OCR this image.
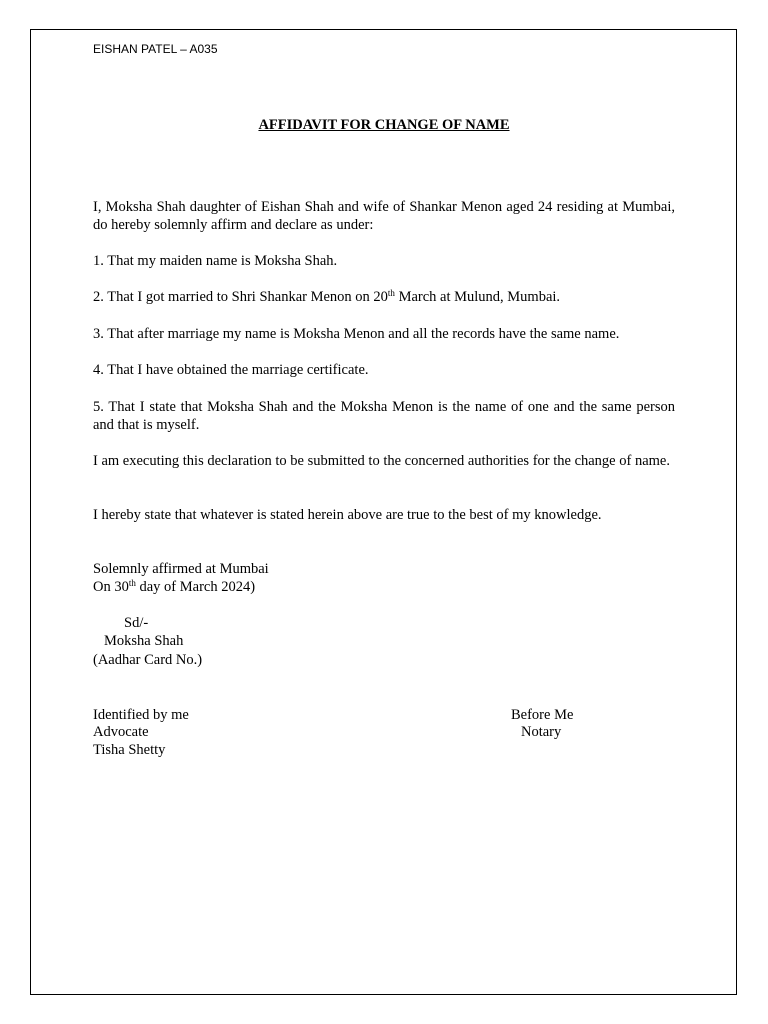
EISHAN PATEL – A035
AFFIDAVIT FOR CHANGE OF NAME
I, Moksha Shah daughter of Eishan Shah and wife of Shankar Menon aged 24 residing at Mumbai, do hereby solemnly affirm and declare as under:
1. That my maiden name is Moksha Shah.
2. That I got married to Shri Shankar Menon on 20th March at Mulund, Mumbai.
3. That after marriage my name is Moksha Menon and all the records have the same name.
4. That I have obtained the marriage certificate.
5. That I state that Moksha Shah and the Moksha Menon is the name of one and the same person and that is myself.
I am executing this declaration to be submitted to the concerned authorities for the change of name.
I hereby state that whatever is stated herein above are true to the best of my knowledge.
Solemnly affirmed at Mumbai
On 30th day of March 2024)
Sd/-
Moksha Shah
(Aadhar Card No.)
Identified by me
Advocate
Tisha Shetty
Before Me
Notary
